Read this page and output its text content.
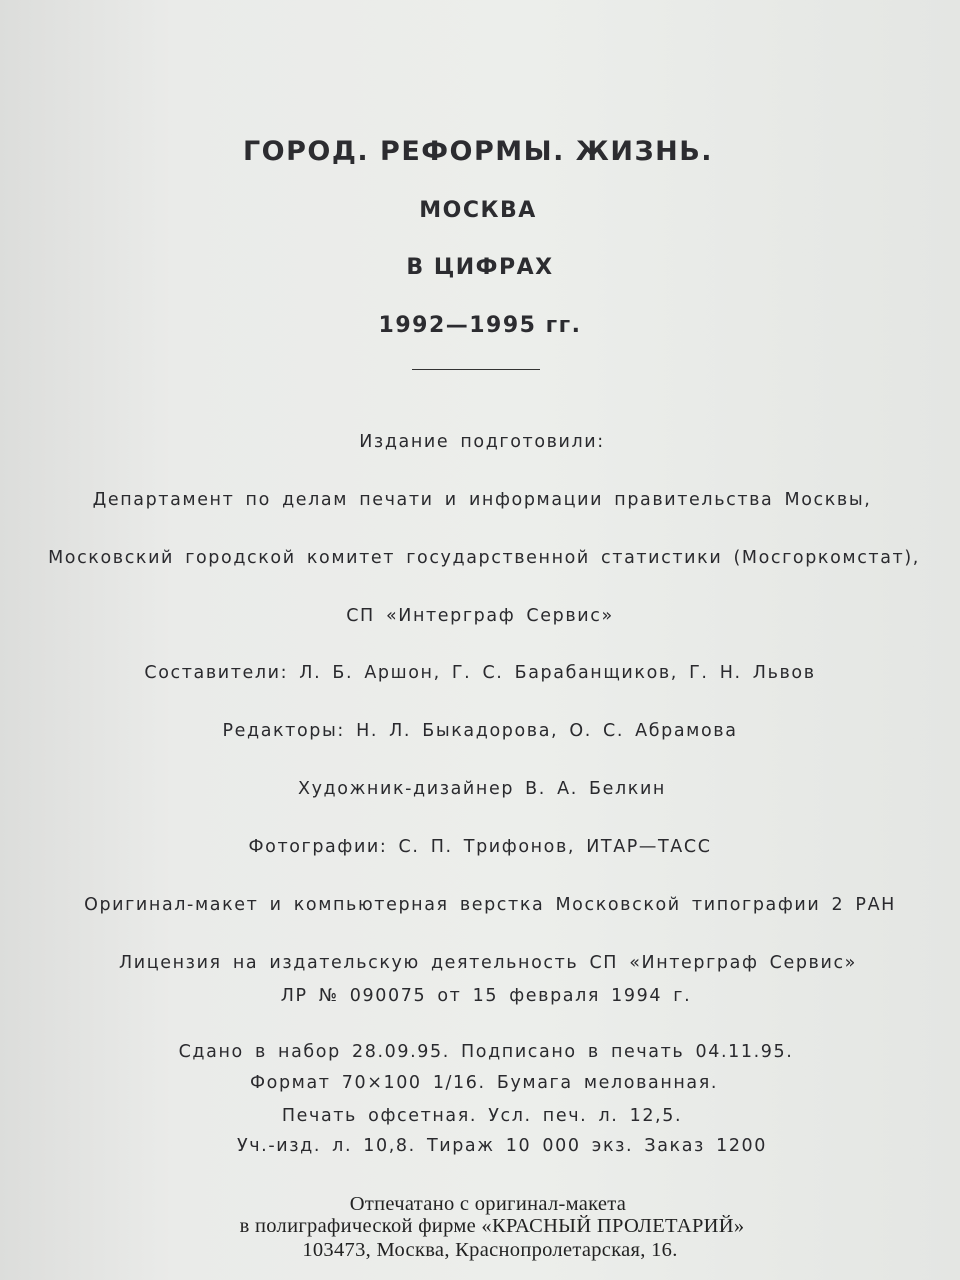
ГОРОД. РЕФОРМЫ. ЖИЗНЬ.
МОСКВА
В ЦИФРАХ
1992—1995 гг.
Издание подготовили:
Департамент по делам печати и информации правительства Москвы,
Московский городской комитет государственной статистики (Мосгоркомстат),
СП «Интерграф Сервис»
Составители: Л. Б. Аршон, Г. С. Барабанщиков, Г. Н. Львов
Редакторы: Н. Л. Быкадорова, О. С. Абрамова
Художник-дизайнер В. А. Белкин
Фотографии: С. П. Трифонов, ИТАР—ТАСС
Оригинал-макет и компьютерная верстка Московской типографии 2 РАН
Лицензия на издательскую деятельность СП «Интерграф Сервис»
ЛР № 090075 от 15 февраля 1994 г.
Сдано в набор 28.09.95. Подписано в печать 04.11.95.
Формат 70×100 1/16. Бумага мелованная.
Печать офсетная. Усл. печ. л. 12,5.
Уч.-изд. л. 10,8. Тираж 10 000 экз. Заказ 1200
Отпечатано с оригинал-макета
в полиграфической фирме «КРАСНЫЙ ПРОЛЕТАРИЙ»
103473, Москва, Краснопролетарская, 16.
